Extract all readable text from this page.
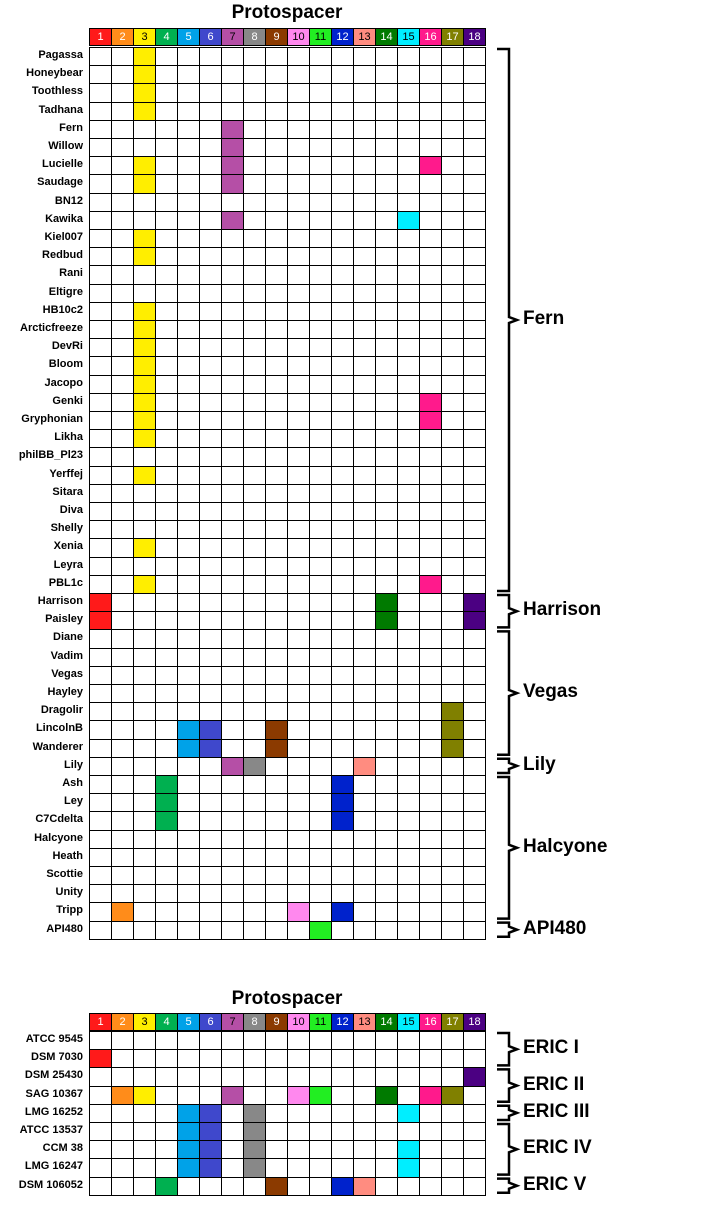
Protospacer
1	2	3	4	5	6	7	8	9	10 11 12 13 14 15 16 17 18
Pagassa
Honeybear
Toothless
Tadhana
Fern
Willow
Lucielle
Saudage
BN12
Kawika
Kiel007
Redbud
Rani
Eltigre
HB10c2
Arcticfreeze
DevRi
Bloom
Jacopo
Genki
Gryphonian
Likha
philBB_Pl23
Yerffej
Sitara
Diva
Shelly
Xenia
Leyra
PBL1c
Harrison
Paisley
Diane
Vadim
Vegas
Hayley
Dragolir
LincolnB
Wanderer
Lily
Ash
Ley
C7Cdelta
Halcyone
Heath
Scottie
Unity
Tripp
API480
Fern
Harrison
Vegas
Lily
Halcyone
API480
Protospacer
1	2	3	4	5	6	7	8	9	10 11 12 13 14 15 16 17 18
ATCC 9545
DSM 7030
DSM 25430
SAG 10367
LMG 16252
ATCC 13537
CCM 38
LMG 16247
DSM 106052
ERIC I
ERIC II
ERIC III
ERIC IV
ERIC V
